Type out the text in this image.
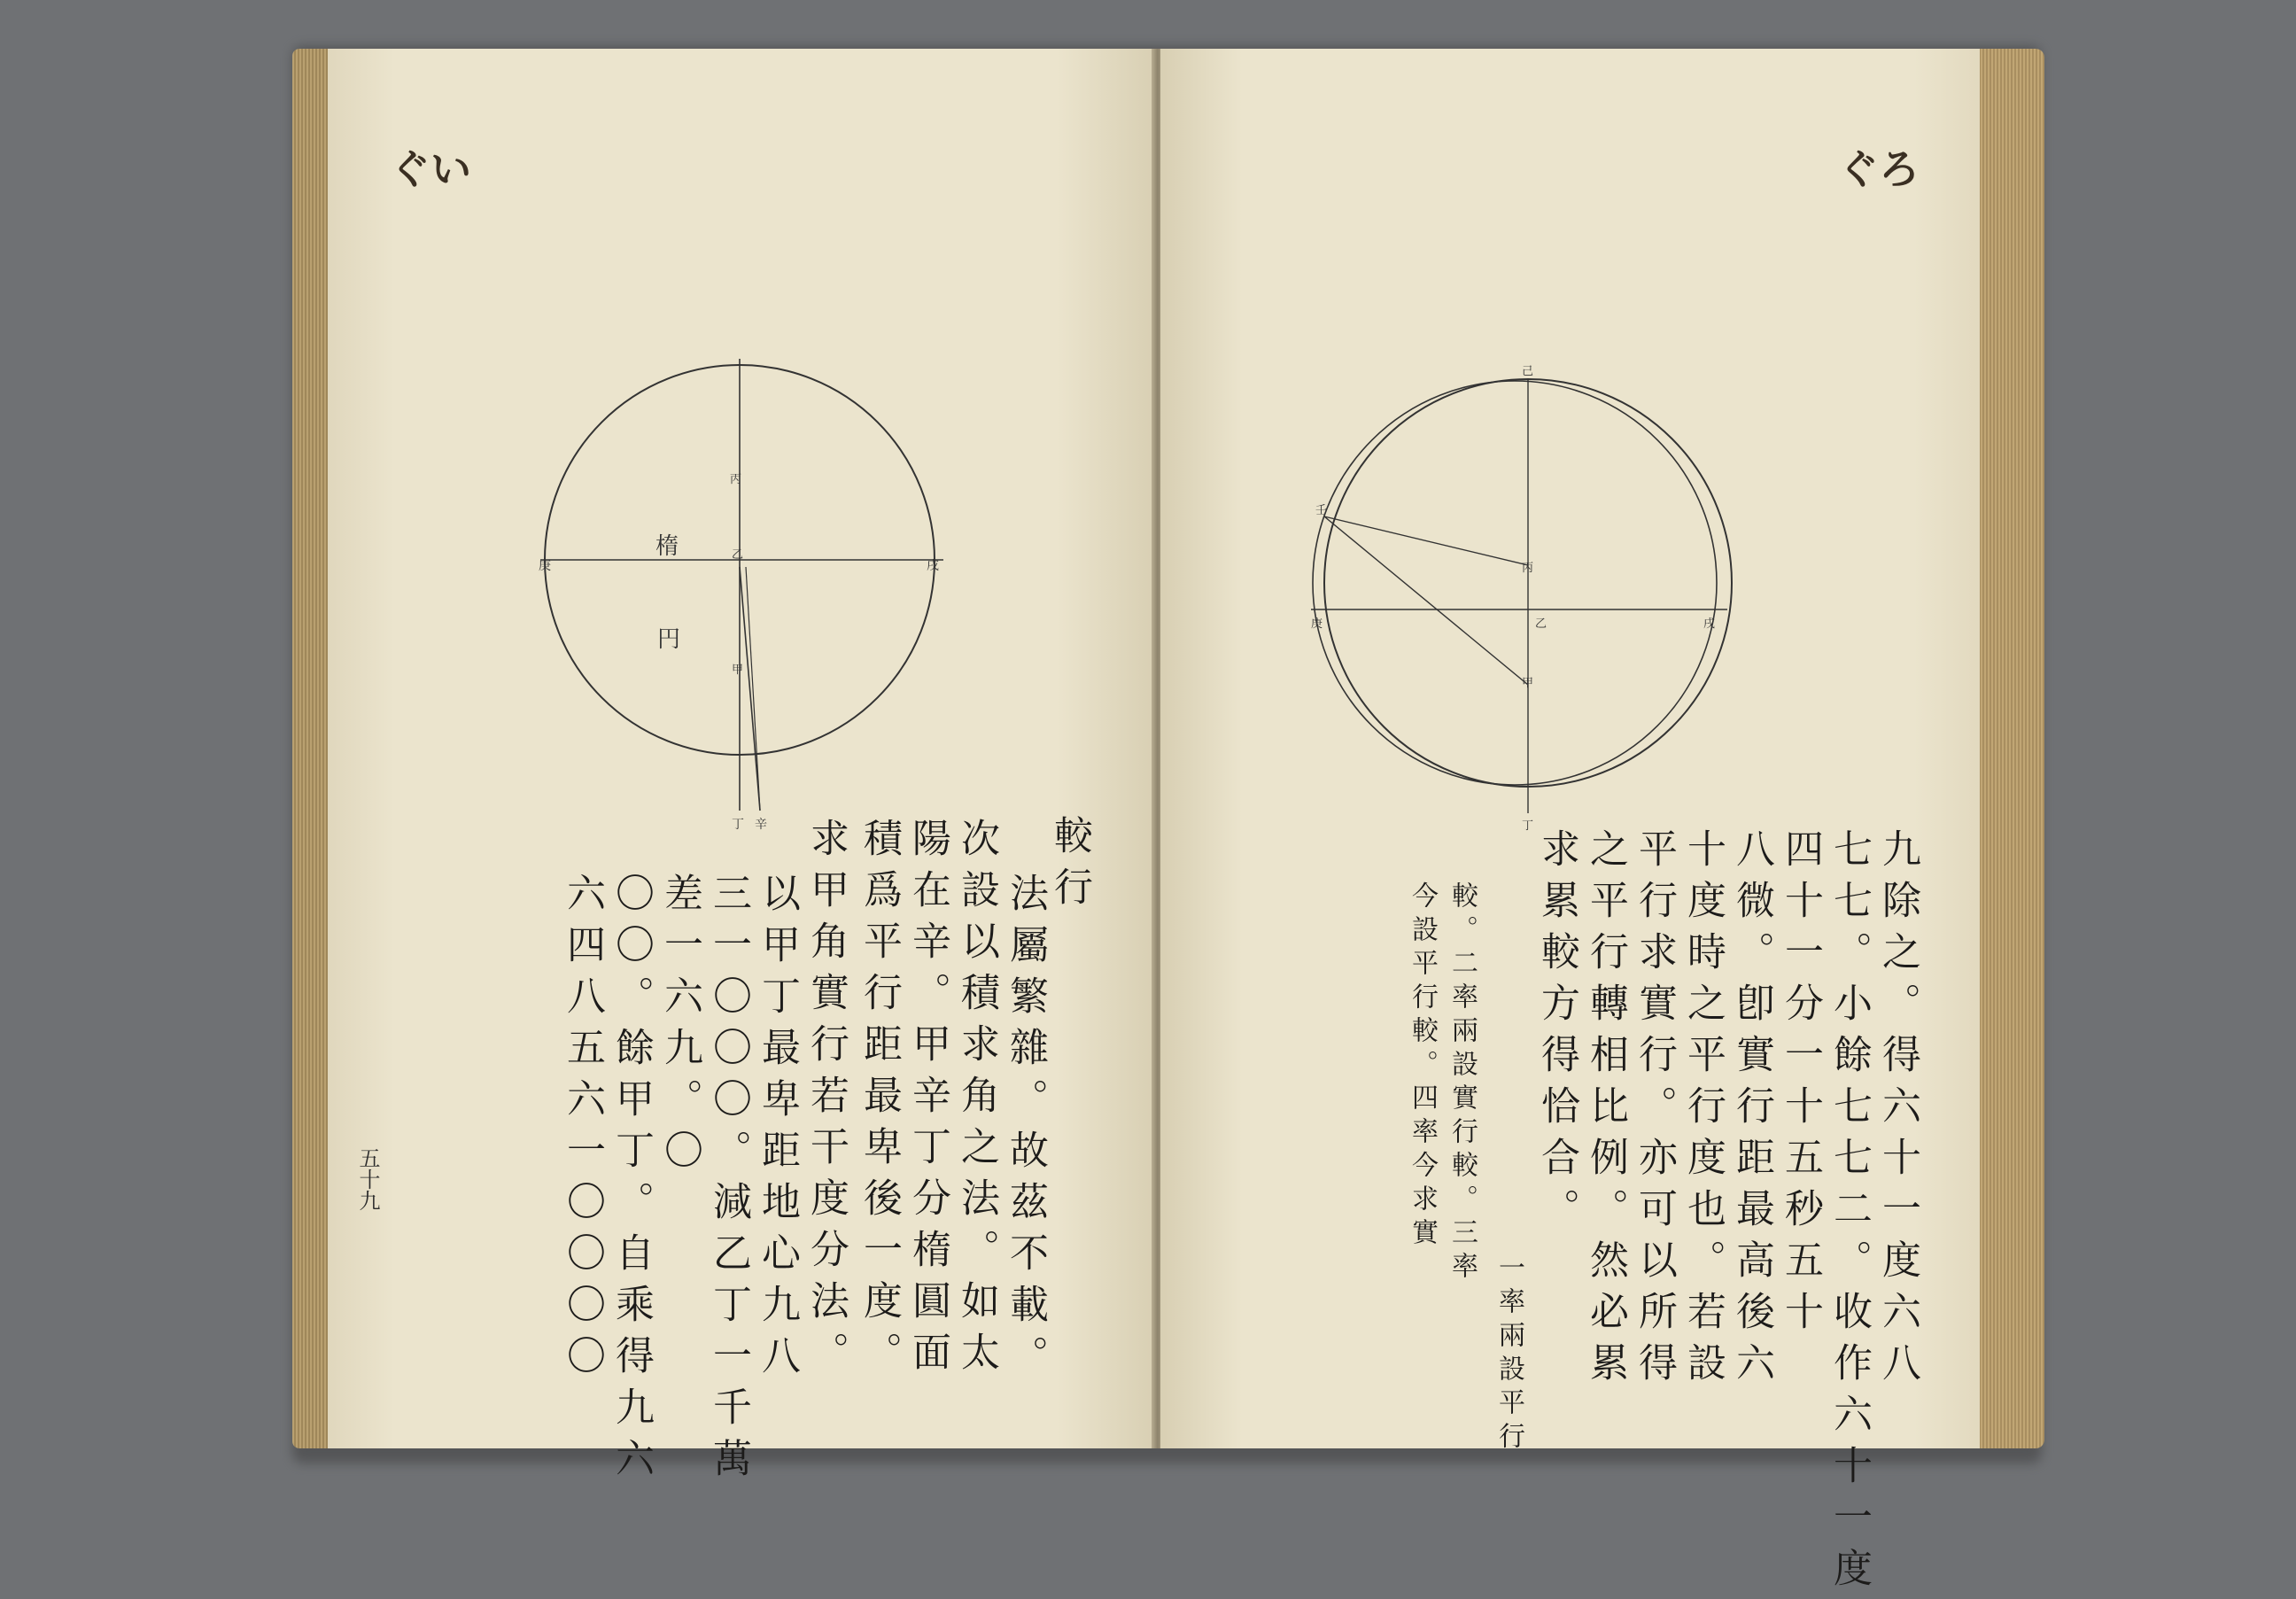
ぐい
庚	戌
丁 辛
丙
乙
甲
楕
円
較行
法屬繁雜。故茲不載。
次設以積求角之法。如太
陽在辛。甲辛丁分楕圓面
積爲平行距最卑後一度。
求甲角實行若干度分法。
以甲丁最卑距地心九八
三一〇〇〇。減乙丁一千萬
差一六九。〇
〇〇。餘甲丁。自乘得九六
六四八五六一〇〇〇〇
五十九
ぐろ
己
壬
庚	戌
丙
乙
甲
丁
九除之。得六十一度六八
七七。小餘七七二。收作六十一度
四十一分一十五秒五十
八微。卽實行距最高後六
十度時之平行度也。若設
平行求實行。亦可以所得
之平行轉相比例。然必累
求累較方得恰合。
一率兩設平行
較。二率兩設實行較。三率
今設平行較。四率今求實
